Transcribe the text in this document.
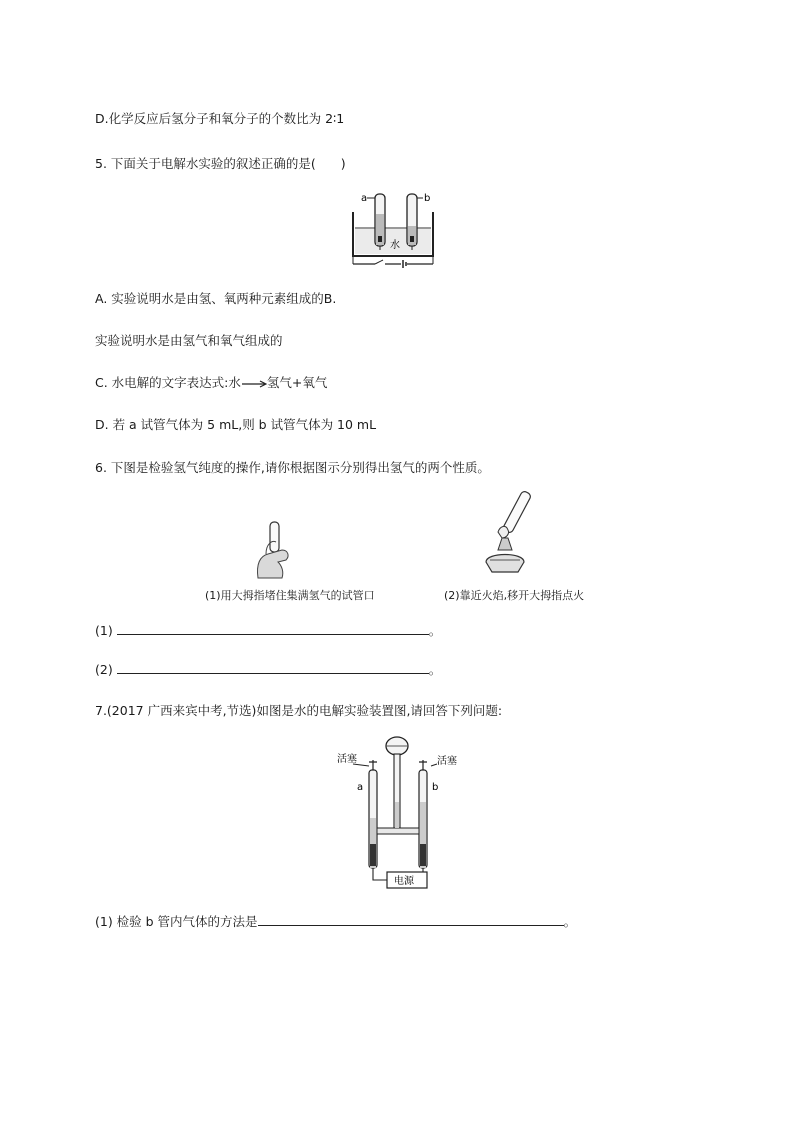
D.化学反应后氢分子和氧分子的个数比为 2∶1
5. 下面关于电解水实验的叙述正确的是(　　)
a	b
水
A. 实验说明水是由氢、氧两种元素组成的B.
实验说明水是由氢气和氧气组成的
C. 水电解的文字表达式:水 氢气+氧气
D. 若 a 试管气体为 5 mL,则 b 试管气体为 10 mL
6. 下图是检验氢气纯度的操作,请你根据图示分别得出氢气的两个性质。
(1)用大拇指堵住集满氢气的试管口	(2)靠近火焰,移开大拇指点火
(1)	。
(2)	。
7.(2017 广西来宾中考,节选)如图是水的电解实验装置图,请回答下列问题:
活塞	活塞
a	b
电源
(1) 检验 b 管内气体的方法是	。
